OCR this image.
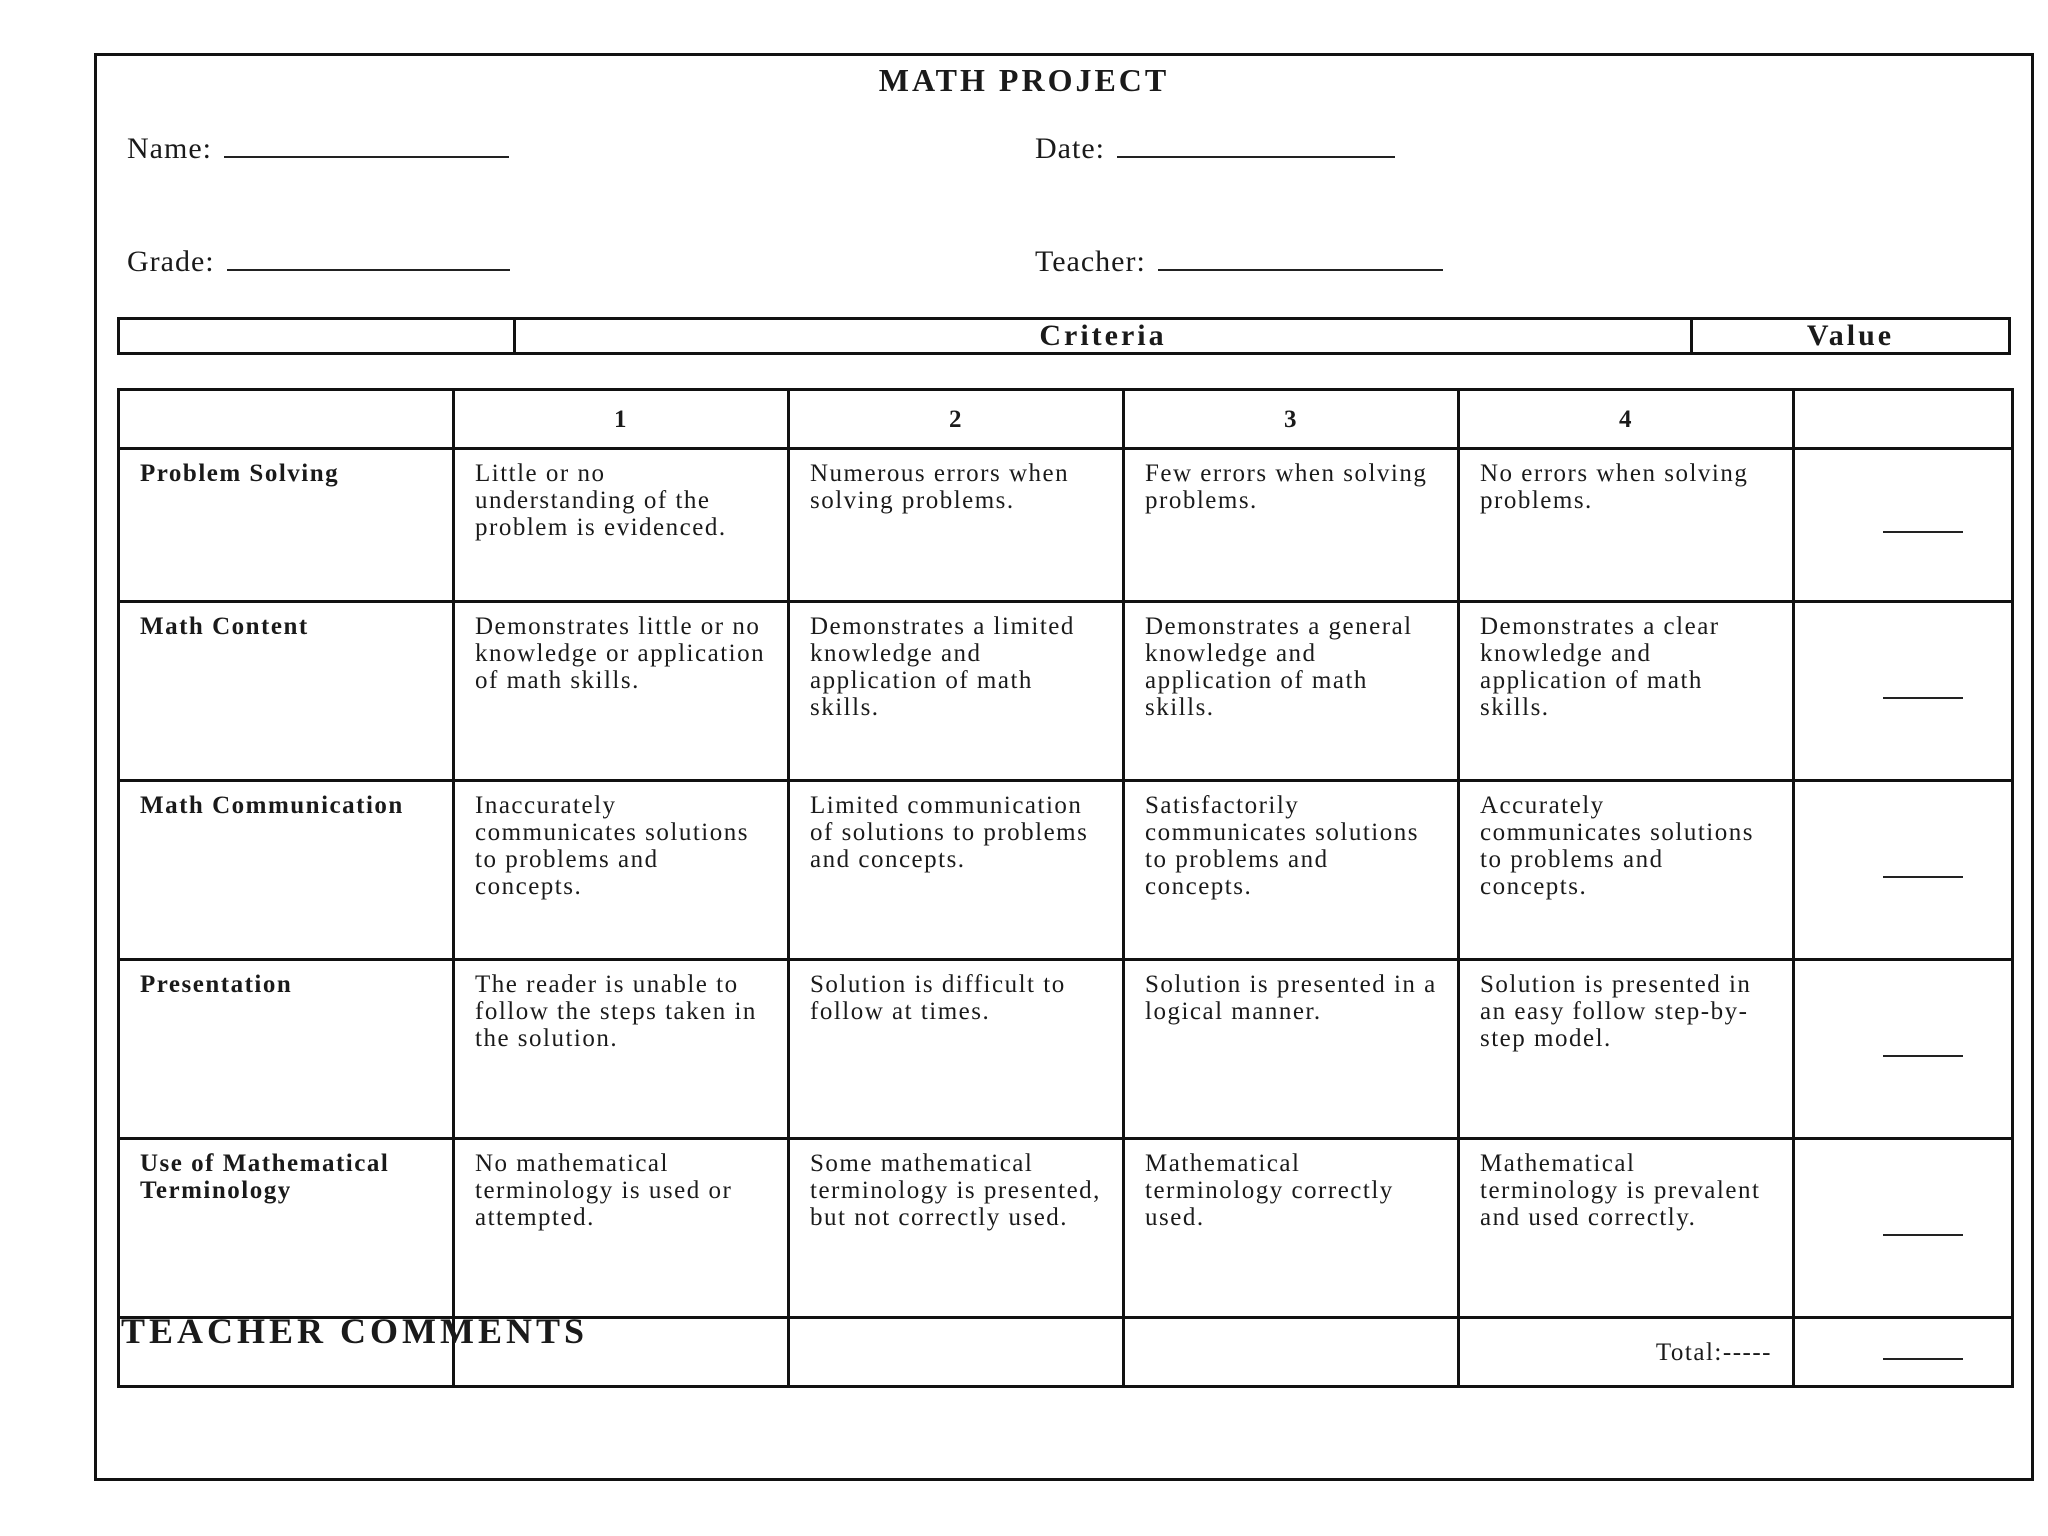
MATH PROJECT
Name:	Date:
Grade:	Teacher:
Criteria	Value
	1	2	3	4	
Problem Solving	Little or no understanding of the problem is evidenced.	Numerous errors when solving problems.	Few errors when solving problems.	No errors when solving problems.	
Math Content	Demonstrates little or no knowledge or application of math skills.	Demonstrates a limited knowledge and application of math skills.	Demonstrates a general knowledge and application of math skills.	Demonstrates a clear knowledge and application of math skills.	
Math Communication	Inaccurately communicates solutions to problems and concepts.	Limited communication of solutions to problems and concepts.	Satisfactorily communicates solutions to problems and concepts.	Accurately communicates solutions to problems and concepts.	
Presentation	The reader is unable to follow the steps taken in the solution.	Solution is difficult to follow at times.	Solution is presented in a logical manner.	Solution is presented in an easy follow step-by-step model.	
Use of Mathematical Terminology	No mathematical terminology is used or attempted.	Some mathematical terminology is presented, but not correctly used.	Mathematical terminology correctly used.	Mathematical terminology is prevalent and used correctly.	
				Total:-----	
TEACHER COMMENTS
